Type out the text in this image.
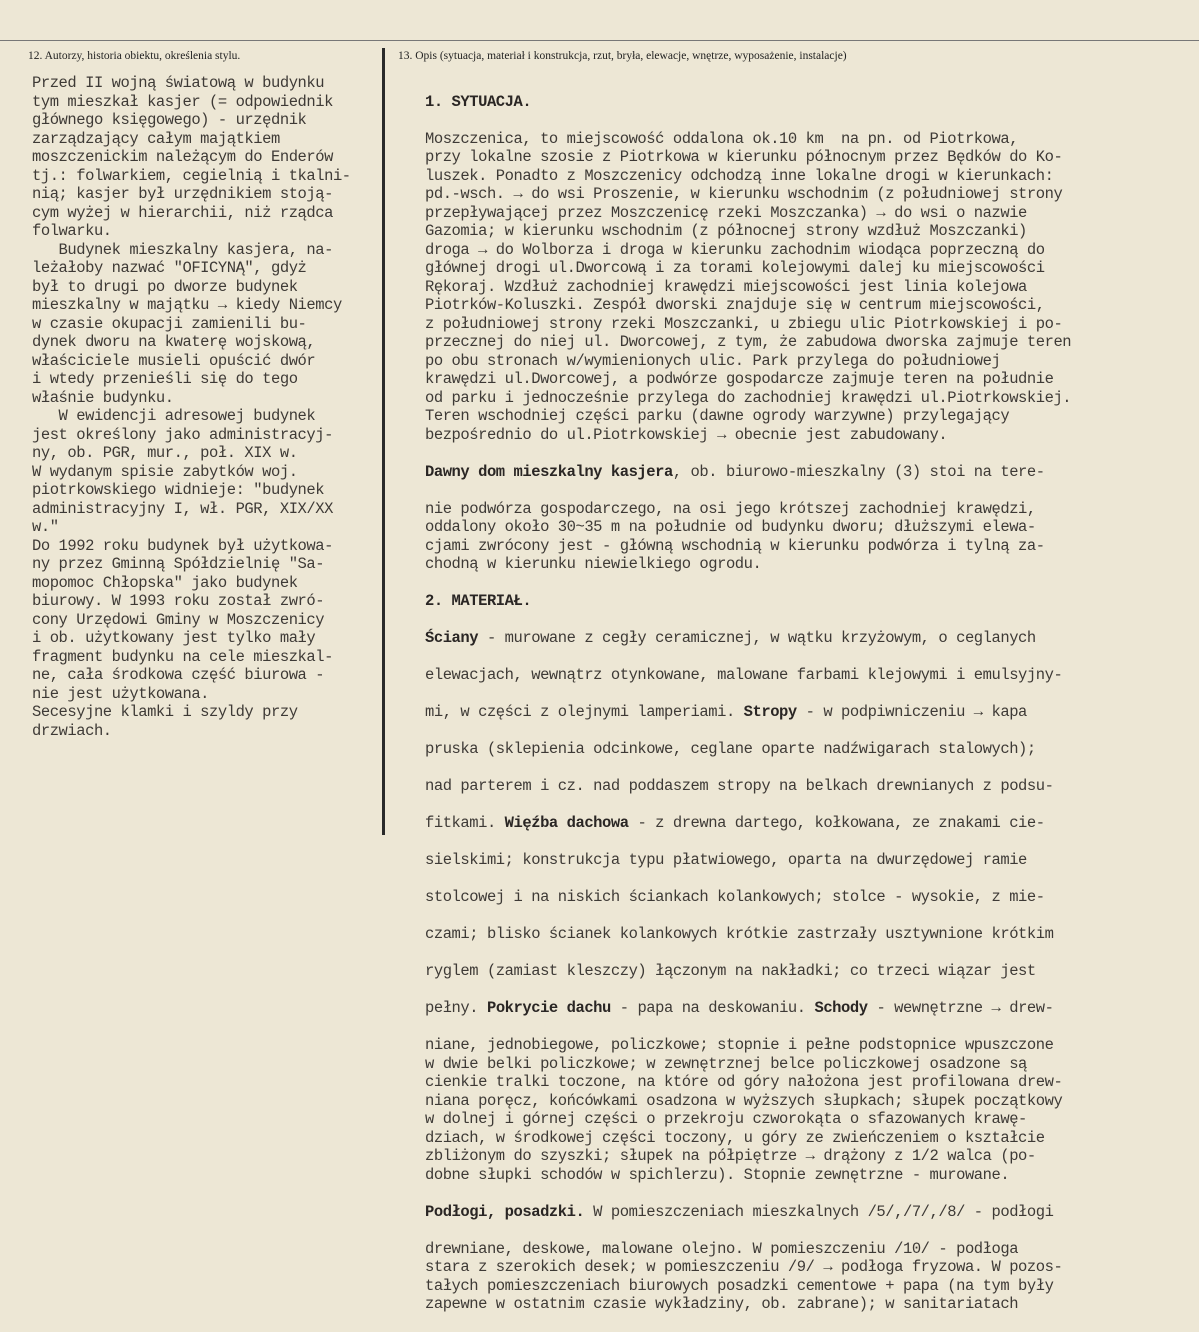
12. Autorzy, historia obiektu, określenia stylu.	13. Opis (sytuacja, materiał i konstrukcja, rzut, bryła, elewacje, wnętrze, wyposażenie, instalacje)
Przed II wojną światową w budynku
tym mieszkał kasjer (= odpowiednik
głównego księgowego) - urzędnik
zarządzający całym majątkiem
moszczenickim należącym do Enderów
tj.: folwarkiem, cegielnią i tkalni-
nią; kasjer był urzędnikiem stoją-
cym wyżej w hierarchii, niż rządca
folwarku.
Budynek mieszkalny kasjera, na-
leżałoby nazwać "OFICYNĄ", gdyż
był to drugi po dworze budynek
mieszkalny w majątku → kiedy Niemcy
w czasie okupacji zamienili bu-
dynek dworu na kwaterę wojskową,
właściciele musieli opuścić dwór
i wtedy przenieśli się do tego
właśnie budynku.
W ewidencji adresowej budynek
jest określony jako administracyj-
ny, ob. PGR, mur., poł. XIX w.
W wydanym spisie zabytków woj.
piotrkowskiego widnieje: "budynek
administracyjny I, wł. PGR, XIX/XX
w."
Do 1992 roku budynek był użytkowa-
ny przez Gminną Spółdzielnię "Sa-
mopomoc Chłopska" jako budynek
biurowy. W 1993 roku został zwró-
cony Urzędowi Gminy w Moszczenicy
i ob. użytkowany jest tylko mały
fragment budynku na cele mieszkal-
ne, cała środkowa część biurowa -
nie jest użytkowana.
Secesyjne klamki i szyldy przy
drzwiach.

1. SYTUACJA.

Moszczenica, to miejscowość oddalona ok.10 km  na pn. od Piotrkowa,
przy lokalne szosie z Piotrkowa w kierunku północnym przez Będków do Ko-
luszek. Ponadto z Moszczenicy odchodzą inne lokalne drogi w kierunkach:
pd.-wsch. → do wsi Proszenie, w kierunku wschodnim (z południowej strony
przepływającej przez Moszczenicę rzeki Moszczanka) → do wsi o nazwie
Gazomia; w kierunku wschodnim (z północnej strony wzdłuż Moszczanki)
droga → do Wolborza i droga w kierunku zachodnim wiodąca poprzeczną do
głównej drogi ul.Dworcową i za torami kolejowymi dalej ku miejscowości
Rękoraj. Wzdłuż zachodniej krawędzi miejscowości jest linia kolejowa
Piotrków-Koluszki. Zespół dworski znajduje się w centrum miejscowości,
z południowej strony rzeki Moszczanki, u zbiegu ulic Piotrkowskiej i po-
przecznej do niej ul. Dworcowej, z tym, że zabudowa dworska zajmuje teren
po obu stronach w/wymienionych ulic. Park przylega do południowej
krawędzi ul.Dworcowej, a podwórze gospodarcze zajmuje teren na południe
od parku i jednocześnie przylega do zachodniej krawędzi ul.Piotrkowskiej.
Teren wschodniej części parku (dawne ogrody warzywne) przylegający
bezpośrednio do ul.Piotrkowskiej → obecnie jest zabudowany.

Dawny dom mieszkalny kasjera, ob. biurowo-mieszkalny (3) stoi na tere-

nie podwórza gospodarczego, na osi jego krótszej zachodniej krawędzi,
oddalony około 30~35 m na południe od budynku dworu; dłuższymi elewa-
cjami zwrócony jest - główną wschodnią w kierunku podwórza i tylną za-
chodną w kierunku niewielkiego ogrodu.

2. MATERIAŁ.

Ściany - murowane z cegły ceramicznej, w wątku krzyżowym, o ceglanych

elewacjach, wewnątrz otynkowane, malowane farbami klejowymi i emulsyjny-

mi, w części z olejnymi lamperiami. Stropy - w podpiwniczeniu → kapa

pruska (sklepienia odcinkowe, ceglane oparte nadźwigarach stalowych);

nad parterem i cz. nad poddaszem stropy na belkach drewnianych z podsu-

fitkami. Więźba dachowa - z drewna dartego, kołkowana, ze znakami cie-

sielskimi; konstrukcja typu płatwiowego, oparta na dwurzędowej ramie

stolcowej i na niskich ściankach kolankowych; stolce - wysokie, z mie-

czami; blisko ścianek kolankowych krótkie zastrzały usztywnione krótkim

ryglem (zamiast kleszczy) łączonym na nakładki; co trzeci wiązar jest

pełny. Pokrycie dachu - papa na deskowaniu. Schody - wewnętrzne → drew-

niane, jednobiegowe, policzkowe; stopnie i pełne podstopnice wpuszczone
w dwie belki policzkowe; w zewnętrznej belce policzkowej osadzone są
cienkie tralki toczone, na które od góry nałożona jest profilowana drew-
niana poręcz, końcówkami osadzona w wyższych słupkach; słupek początkowy
w dolnej i górnej części o przekroju czworokąta o sfazowanych krawę-
dziach, w środkowej części toczony, u góry ze zwieńczeniem o kształcie
zbliżonym do szyszki; słupek na półpiętrze → drążony z 1/2 walca (po-
dobne słupki schodów w spichlerzu). Stopnie zewnętrzne - murowane.

Podłogi, posadzki. W pomieszczeniach mieszkalnych /5/,/7/,/8/ - podłogi

drewniane, deskowe, malowane olejno. W pomieszczeniu /10/ - podłoga
stara z szerokich desek; w pomieszczeniu /9/ → podłoga fryzowa. W pozos-
tałych pomieszczeniach biurowych posadzki cementowe + papa (na tym były
zapewne w ostatnim czasie wykładziny, ob. zabrane); w sanitariatach
